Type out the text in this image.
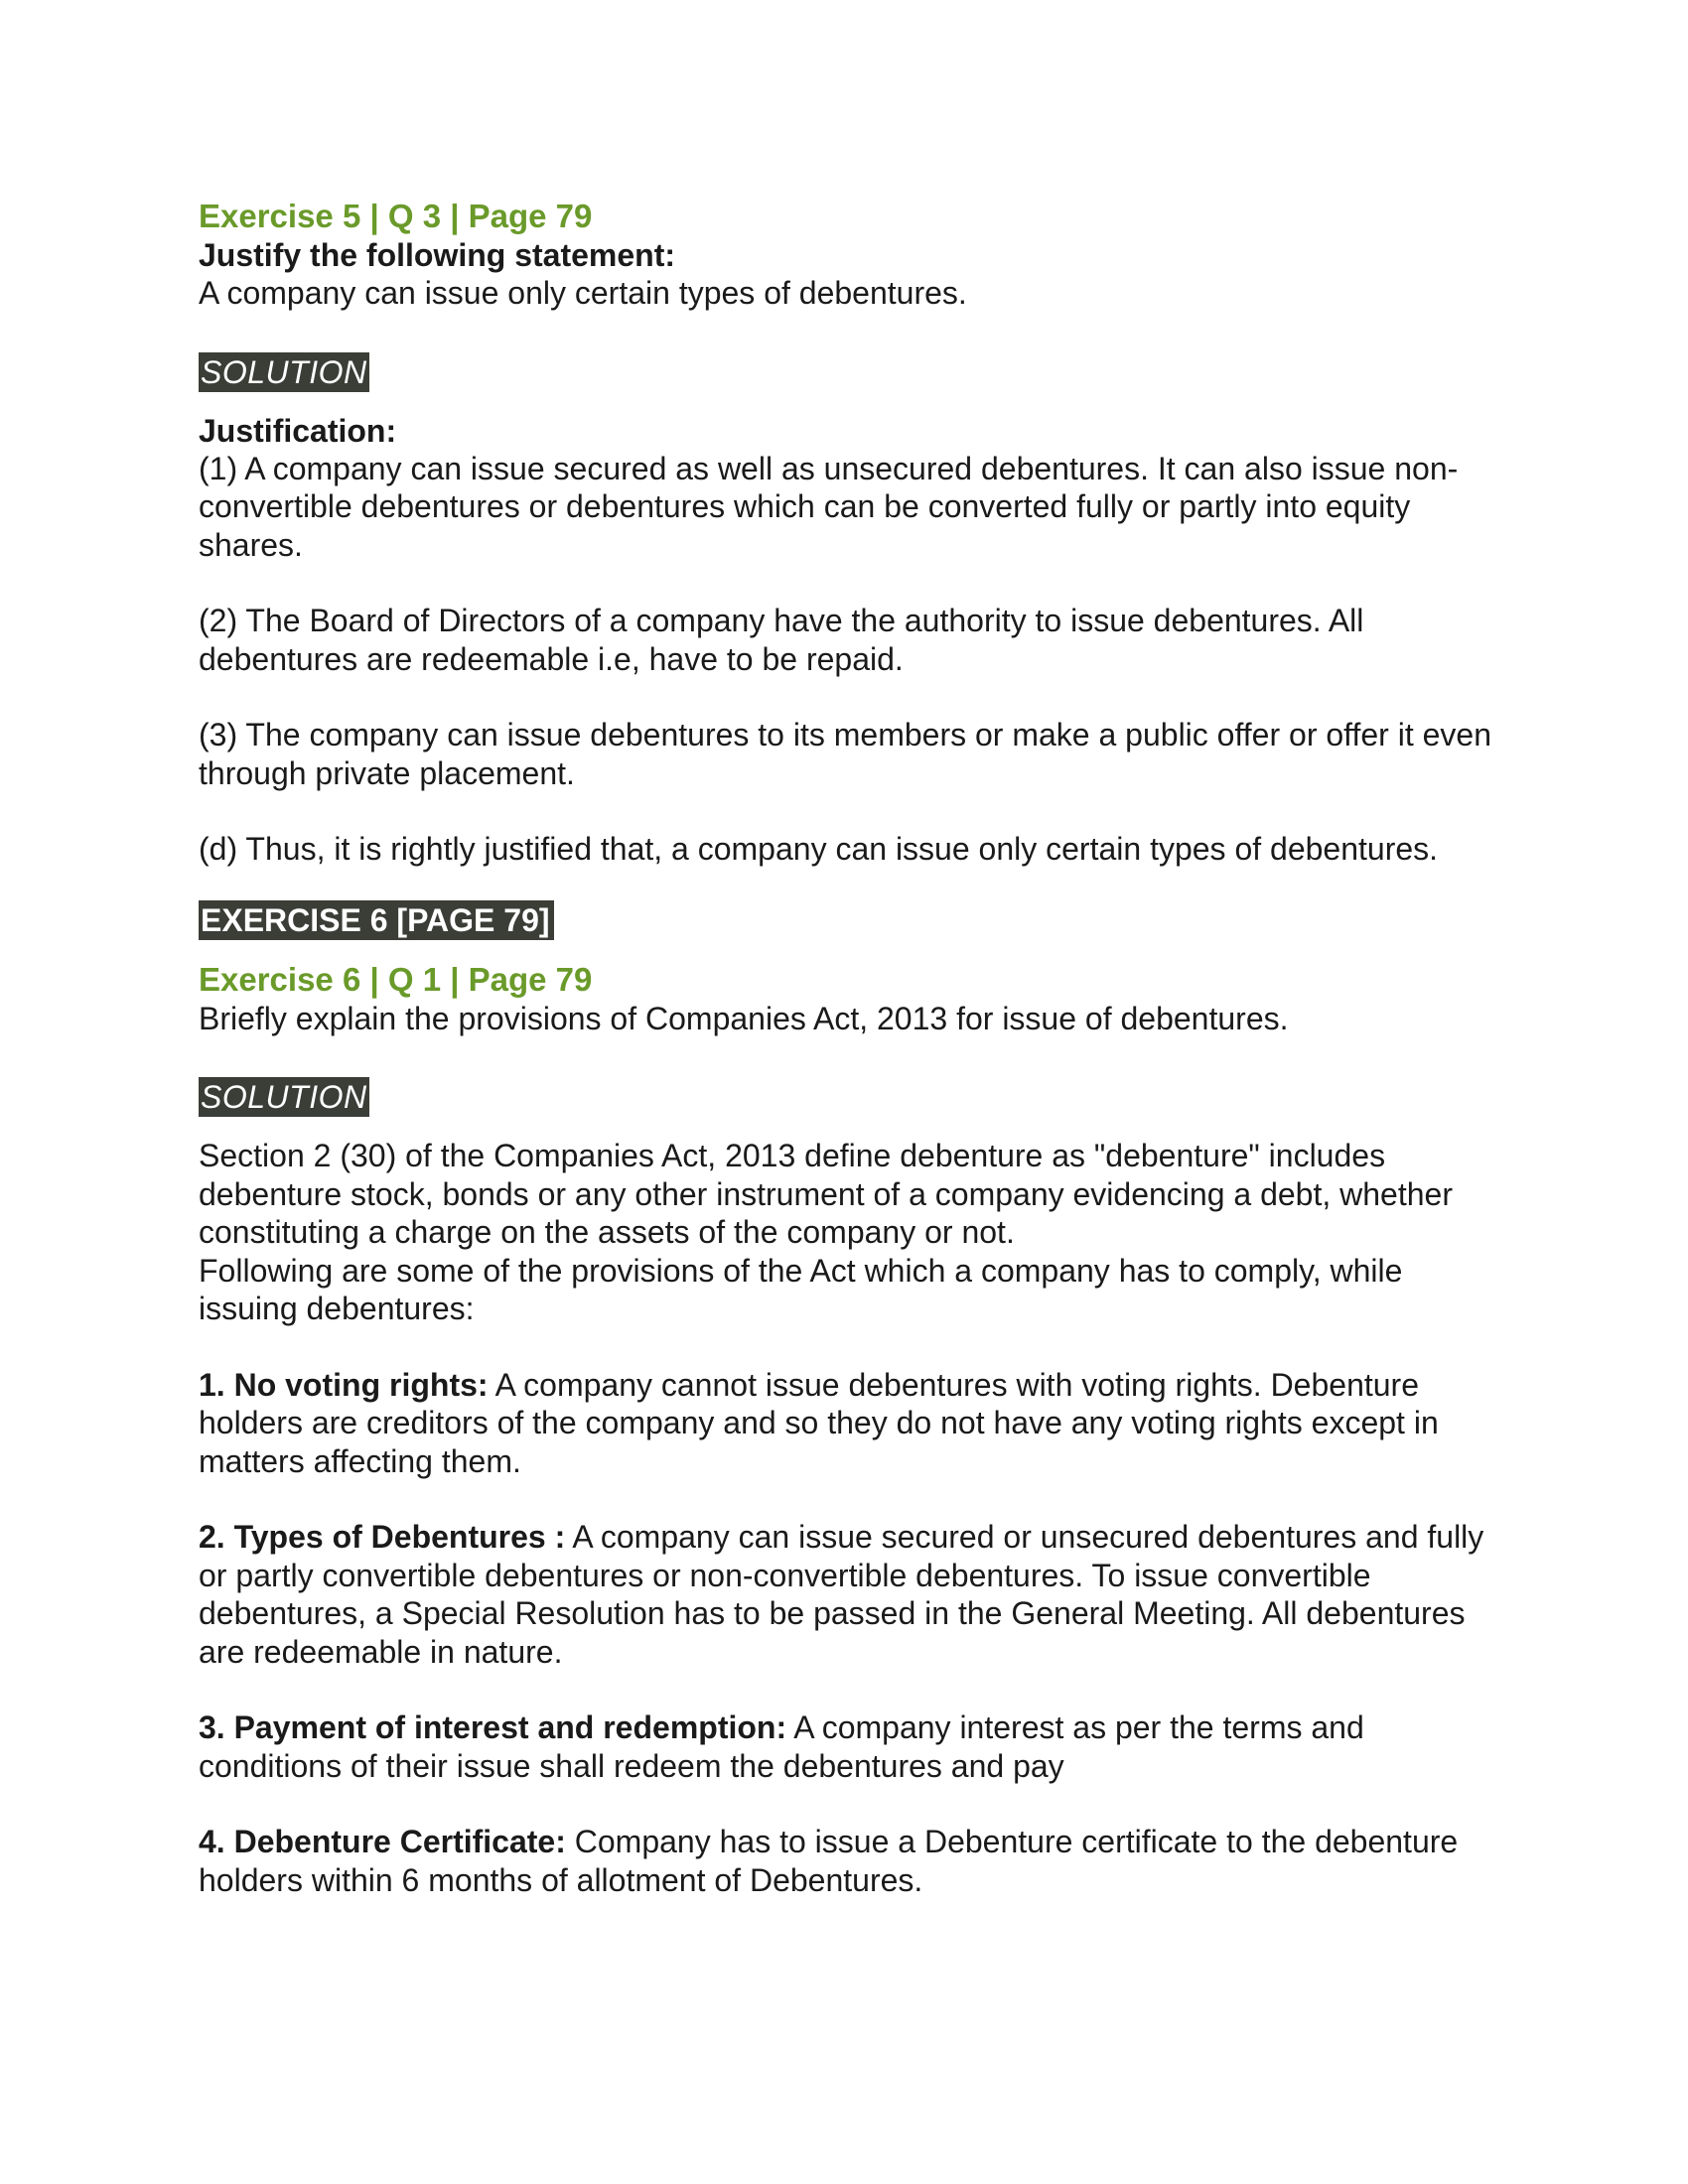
Exercise 5 | Q 3 | Page 79

Justify the following statement:

A company can issue only certain types of debentures.

SOLUTION

Justification:

(1) A company can issue secured as well as unsecured debentures. It can also issue non-convertible debentures or debentures which can be converted fully or partly into equity shares.

(2) The Board of Directors of a company have the authority to issue debentures. All debentures are redeemable i.e, have to be repaid.

(3) The company can issue debentures to its members or make a public offer or offer it even through private placement.

(d) Thus, it is rightly justified that, a company can issue only certain types of debentures.

EXERCISE 6 [PAGE 79]

Exercise 6 | Q 1 | Page 79

Briefly explain the provisions of Companies Act, 2013 for issue of debentures.

SOLUTION

Section 2 (30) of the Companies Act, 2013 define debenture as "debenture" includes debenture stock, bonds or any other instrument of a company evidencing a debt, whether constituting a charge on the assets of the company or not.

Following are some of the provisions of the Act which a company has to comply, while issuing debentures:

1. No voting rights: A company cannot issue debentures with voting rights. Debenture holders are creditors of the company and so they do not have any voting rights except in matters affecting them.

2. Types of Debentures : A company can issue secured or unsecured debentures and fully or partly convertible debentures or non-convertible debentures. To issue convertible debentures, a Special Resolution has to be passed in the General Meeting. All debentures are redeemable in nature.

3. Payment of interest and redemption: A company interest as per the terms and conditions of their issue shall redeem the debentures and pay

4. Debenture Certificate: Company has to issue a Debenture certificate to the debenture holders within 6 months of allotment of Debentures.
